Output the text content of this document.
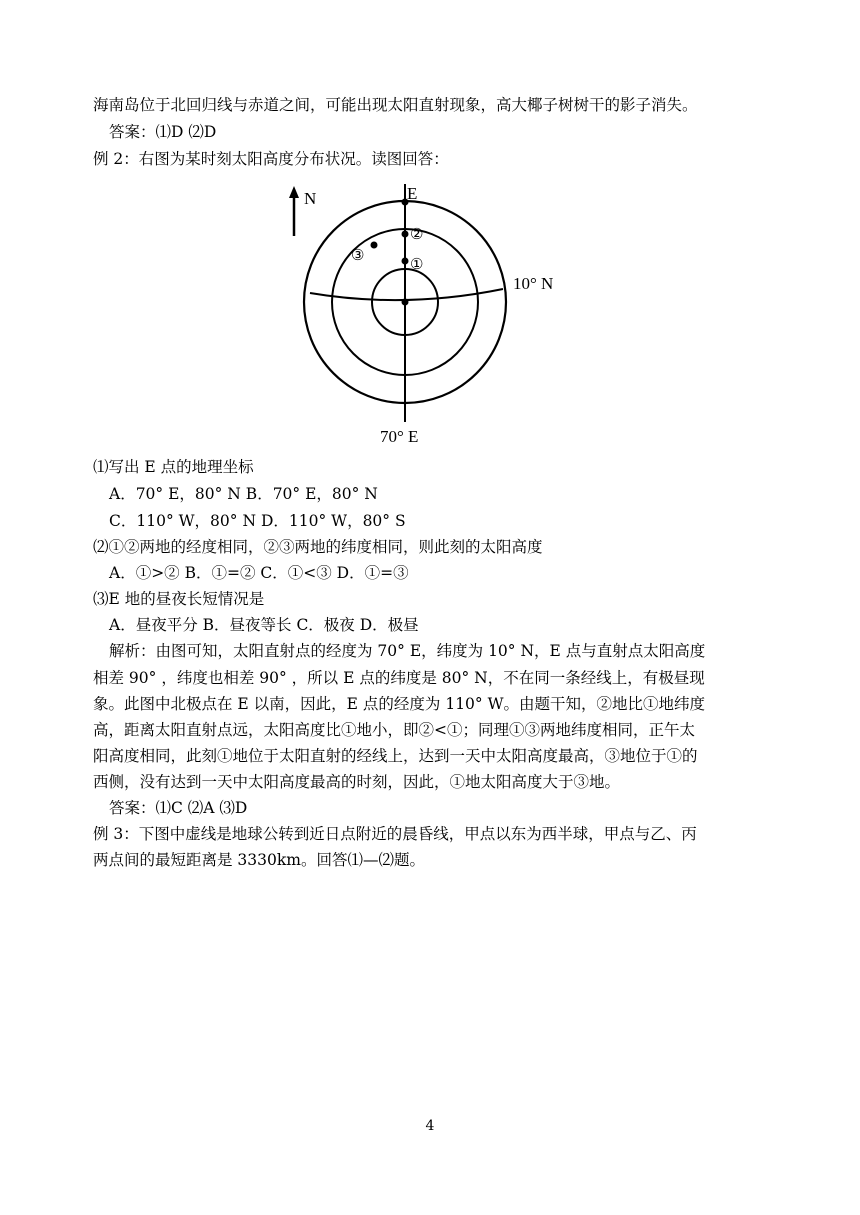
海南岛位于北回归线与赤道之间，可能出现太阳直射现象，高大椰子树树干的影子消失。
答案：⑴D ⑵D
例 2：右图为某时刻太阳高度分布状况。读图回答：
N	E
②
①
③
10° N
70° E
⑴写出 E 点的地理坐标
A．70° E，80° N B．70° E，80° N
C．110° W，80° N D．110° W，80° S
⑵①②两地的经度相同，②③两地的纬度相同，则此刻的太阳高度
A．①>② B．①=② C．①<③ D．①=③
⑶E 地的昼夜长短情况是
A．昼夜平分 B．昼夜等长 C．极夜 D．极昼
解析：由图可知，太阳直射点的经度为 70° E，纬度为 10° N，E 点与直射点太阳高度
相差 90° ，纬度也相差 90° ，所以 E 点的纬度是 80° N，不在同一条经线上，有极昼现
象。此图中北极点在 E 以南，因此，E 点的经度为 110° W。由题干知，②地比①地纬度
高，距离太阳直射点远，太阳高度比①地小，即②<①；同理①③两地纬度相同，正午太
阳高度相同，此刻①地位于太阳直射的经线上，达到一天中太阳高度最高，③地位于①的
西侧，没有达到一天中太阳高度最高的时刻，因此，①地太阳高度大于③地。
答案：⑴C ⑵A ⑶D
例 3：下图中虚线是地球公转到近日点附近的晨昏线，甲点以东为西半球，甲点与乙、丙
两点间的最短距离是 3330km。回答⑴—⑵题。
4
